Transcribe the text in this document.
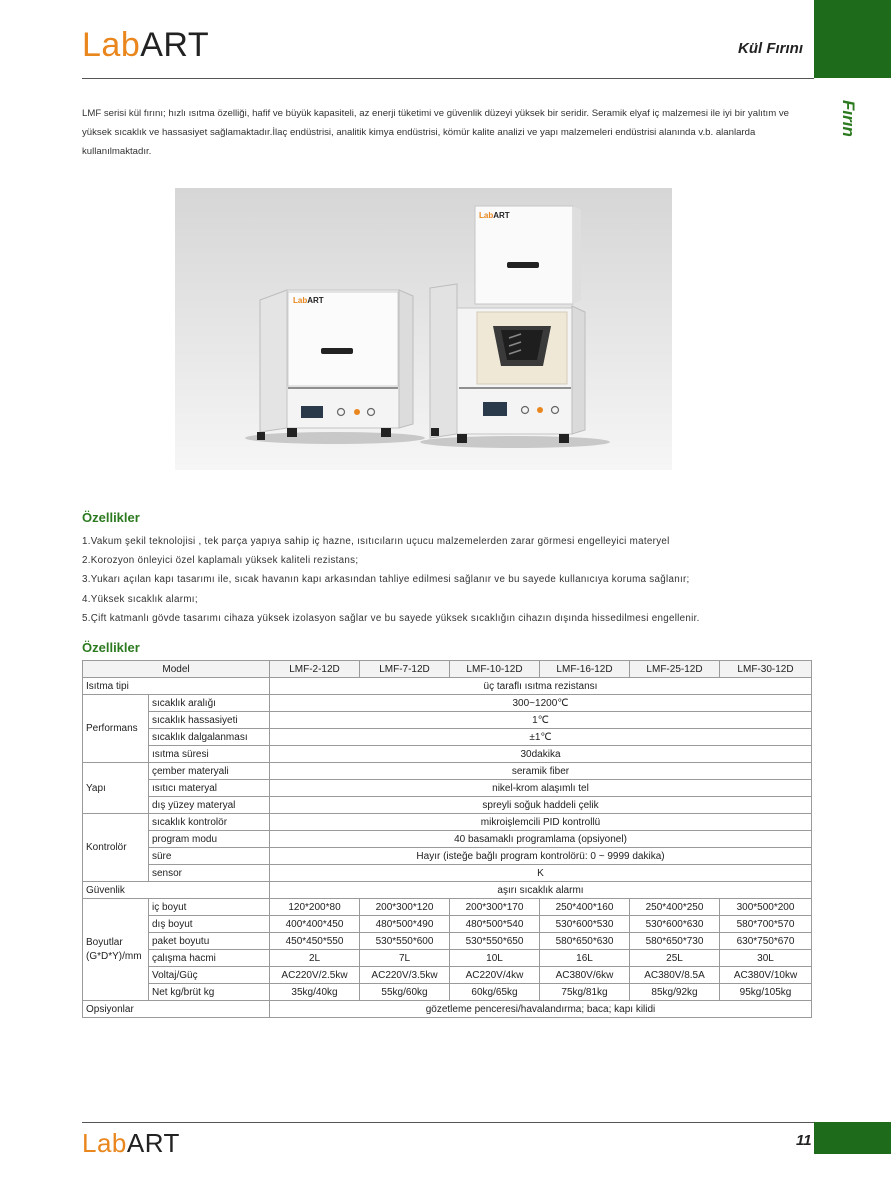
LabART	Kül Fırını
Fırın
LMF serisi kül fırını; hızlı ısıtma özelliği, hafif ve büyük kapasiteli, az enerji tüketimi ve güvenlik düzeyi yüksek bir seridir. Seramik elyaf iç malzemesi ile iyi bir yalıtım ve yüksek sıcaklık ve hassasiyet sağlamaktadır.İlaç endüstrisi, analitik kimya endüstrisi, kömür kalite analizi ve yapı malzemeleri endüstrisi alanında v.b. alanlarda kullanılmaktadır.
LabART
LabART
Özellikler
1.Vakum şekil teknolojisi , tek parça yapıya sahip iç hazne, ısıtıcıların uçucu malzemelerden zarar görmesi engelleyici materyel
2.Korozyon önleyici özel kaplamalı yüksek kaliteli rezistans;
3.Yukarı açılan kapı tasarımı ile, sıcak havanın kapı arkasından tahliye edilmesi sağlanır ve bu sayede kullanıcıya koruma sağlanır;
4.Yüksek sıcaklık alarmı;
5.Çift katmanlı gövde tasarımı cihaza yüksek izolasyon sağlar ve bu sayede yüksek sıcaklığın cihazın dışında hissedilmesi engellenir.
Özellikler
Model		LMF-2-12D	LMF-7-12D	LMF-10-12D	LMF-16-12D	LMF-25-12D	LMF-30-12D
Isıtma tipi		üç taraflı ısıtma rezistansı					
Performans	sıcaklık aralığı	300~1200℃					
	sıcaklık hassasiyeti	1℃					
	sıcaklık dalgalanması	±1℃					
	ısıtma süresi	30dakika					
Yapı	çember materyali	seramik fiber					
	ısıtıcı materyal	nikel-krom alaşımlı tel					
	dış yüzey materyal	spreyli soğuk haddeli çelik					
Kontrolör	sıcaklık kontrolör	mikroişlemcili PID kontrollü					
	program modu	40 basamaklı programlama (opsiyonel)					
	süre	Hayır (isteğe bağlı program kontrolörü: 0 ~ 9999 dakika)					
	sensor	K					
Güvenlik		aşırı sıcaklık alarmı					
Boyutlar
(G*D*Y)/mm	iç boyut	120*200*80	200*300*120	200*300*170	250*400*160	250*400*250	300*500*200
	dış boyut	400*400*450	480*500*490	480*500*540	530*600*530	530*600*630	580*700*570
	paket boyutu	450*450*550	530*550*600	530*550*650	580*650*630	580*650*730	630*750*670
	çalışma hacmi	2L	7L	10L	16L	25L	30L
	Voltaj/Güç	AC220V/2.5kw	AC220V/3.5kw	AC220V/4kw	AC380V/6kw	AC380V/8.5A	AC380V/10kw
	Net kg/brüt kg	35kg/40kg	55kg/60kg	60kg/65kg	75kg/81kg	85kg/92kg	95kg/105kg
Opsiyonlar		gözetleme penceresi/havalandırma; baca; kapı kilidi					
LabART	11
